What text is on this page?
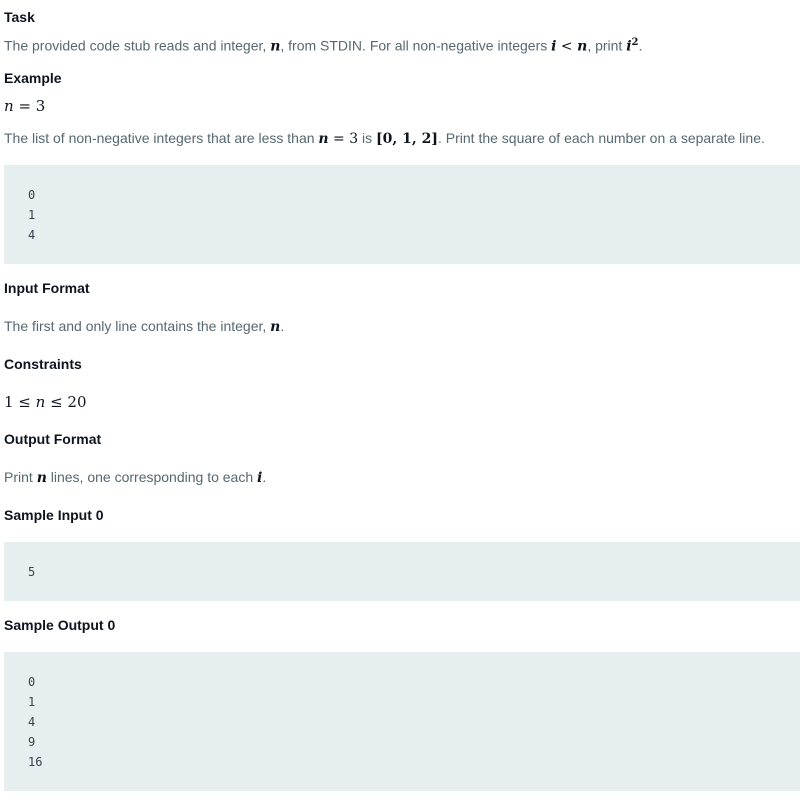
Task
The provided code stub reads and integer, n, from STDIN. For all non-negative integers i < n, print $i^2$.
Example
n = 3
The list of non-negative integers that are less than n = 3 is [0, 1, 2]. Print the square of each number on a separate line.
0
1
4
Input Format
The first and only line contains the integer, n.
Constraints
1 ≤ n ≤ 20
Output Format
Print n lines, one corresponding to each i.
Sample Input 0
5
Sample Output 0
0
1
4
9
16
